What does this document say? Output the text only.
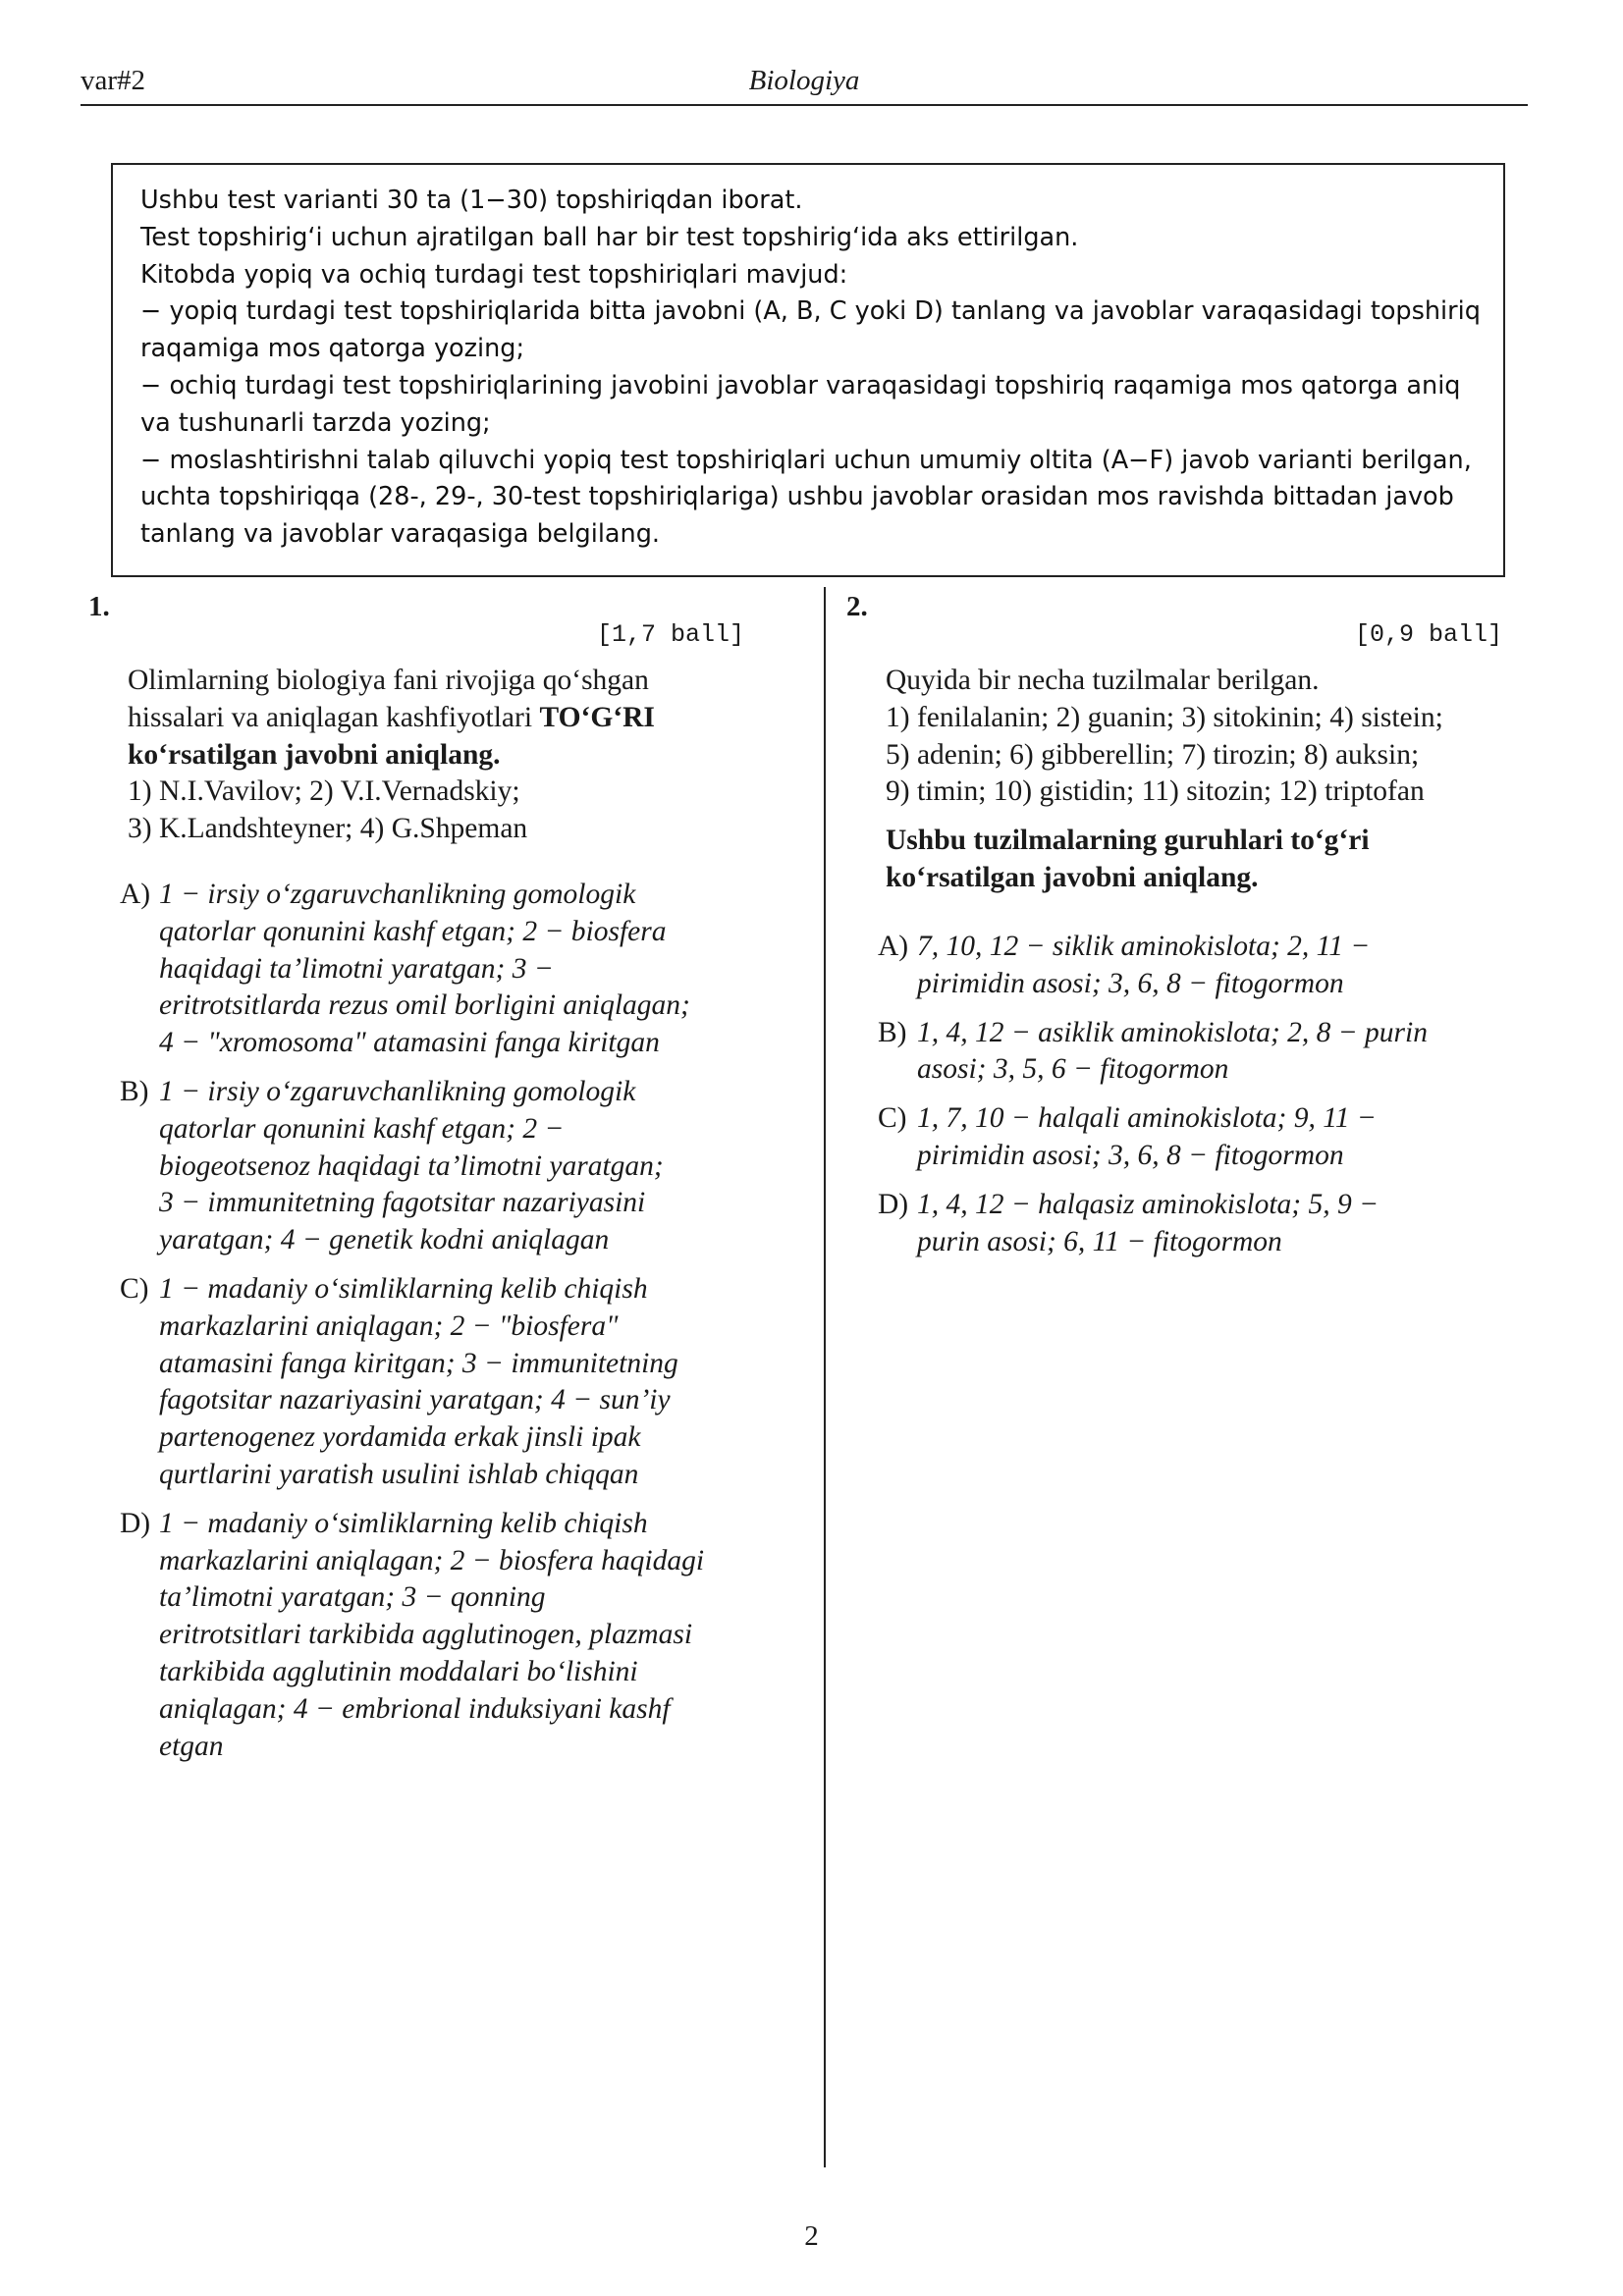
var#2	Biologiya
Ushbu test varianti 30 ta (1−30) topshiriqdan iborat.
Test topshirig‘i uchun ajratilgan ball har bir test topshirig‘ida aks ettirilgan.
Kitobda yopiq va ochiq turdagi test topshiriqlari mavjud:
− yopiq turdagi test topshiriqlarida bitta javobni (A, B, C yoki D) tanlang va javoblar varaqasidagi topshiriq
raqamiga mos qatorga yozing;
− ochiq turdagi test topshiriqlarining javobini javoblar varaqasidagi topshiriq raqamiga mos qatorga aniq
va tushunarli tarzda yozing;
− moslashtirishni talab qiluvchi yopiq test topshiriqlari uchun umumiy oltita (A−F) javob varianti berilgan,
uchta topshiriqqa (28-, 29-, 30-test topshiriqlariga) ushbu javoblar orasidan mos ravishda bittadan javob
tanlang va javoblar varaqasiga belgilang.
1.
[1,7 ball]
Olimlarning biologiya fani rivojiga qo‘shgan
hissalari va aniqlagan kashfiyotlari TO‘G‘RI
ko‘rsatilgan javobni aniqlang.
1) N.I.Vavilov; 2) V.I.Vernadskiy;
3) K.Landshteyner; 4) G.Shpeman
A) 1 − irsiy o‘zgaruvchanlikning gomologik
qatorlar qonunini kashf etgan; 2 − biosfera
haqidagi ta’limotni yaratgan; 3 −
eritrotsitlarda rezus omil borligini aniqlagan;
4 − "xromosoma" atamasini fanga kiritgan
B) 1 − irsiy o‘zgaruvchanlikning gomologik
qatorlar qonunini kashf etgan; 2 −
biogeotsenoz haqidagi ta’limotni yaratgan;
3 − immunitetning fagotsitar nazariyasini
yaratgan; 4 − genetik kodni aniqlagan
C) 1 − madaniy o‘simliklarning kelib chiqish
markazlarini aniqlagan; 2 − "biosfera"
atamasini fanga kiritgan; 3 − immunitetning
fagotsitar nazariyasini yaratgan; 4 − sun’iy
partenogenez yordamida erkak jinsli ipak
qurtlarini yaratish usulini ishlab chiqqan
D) 1 − madaniy o‘simliklarning kelib chiqish
markazlarini aniqlagan; 2 − biosfera haqidagi
ta’limotni yaratgan; 3 − qonning
eritrotsitlari tarkibida agglutinogen, plazmasi
tarkibida agglutinin moddalari bo‘lishini
aniqlagan; 4 − embrional induksiyani kashf
etgan
2.
[0,9 ball]
Quyida bir necha tuzilmalar berilgan.
1) fenilalanin; 2) guanin; 3) sitokinin; 4) sistein;
5) adenin; 6) gibberellin; 7) tirozin; 8) auksin;
9) timin; 10) gistidin; 11) sitozin; 12) triptofan
Ushbu tuzilmalarning guruhlari to‘g‘ri
ko‘rsatilgan javobni aniqlang.
A) 7, 10, 12 − siklik aminokislota; 2, 11 −
pirimidin asosi; 3, 6, 8 − fitogormon
B) 1, 4, 12 − asiklik aminokislota; 2, 8 − purin
asosi; 3, 5, 6 − fitogormon
C) 1, 7, 10 − halqali aminokislota; 9, 11 −
pirimidin asosi; 3, 6, 8 − fitogormon
D) 1, 4, 12 − halqasiz aminokislota; 5, 9 −
purin asosi; 6, 11 − fitogormon
2
